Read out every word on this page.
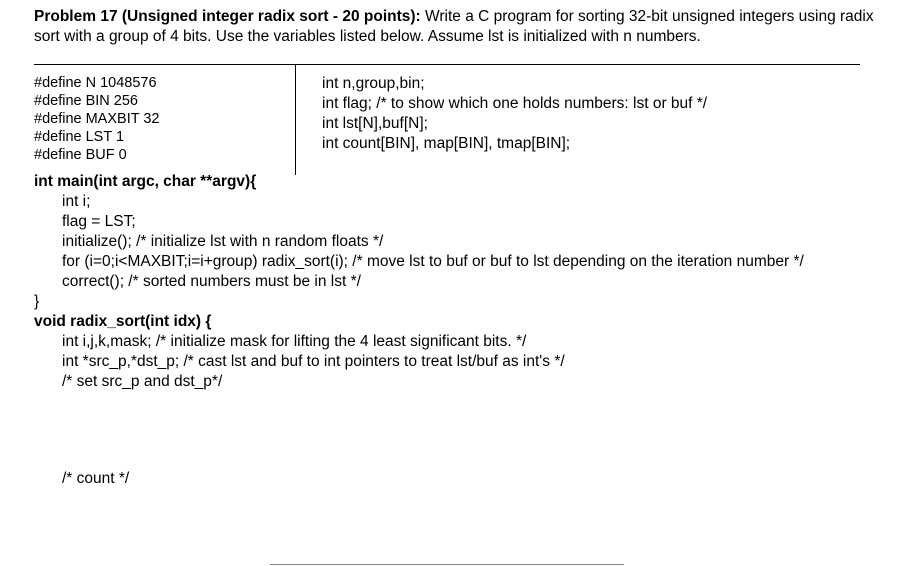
Problem 17 (Unsigned integer radix sort - 20 points): Write a C program for sorting 32-bit unsigned integers using radix sort with a group of 4 bits. Use the variables listed below. Assume lst is initialized with n numbers.
#define N 1048576
#define BIN 256
#define MAXBIT 32
#define LST 1
#define BUF 0
int n,group,bin;
int flag; /* to show which one holds numbers: lst or buf */
int lst[N],buf[N];
int count[BIN], map[BIN], tmap[BIN];
int main(int argc, char **argv){
int i;
flag = LST;
initialize(); /* initialize lst with n random floats */
for (i=0;i<MAXBIT;i=i+group) radix_sort(i); /* move lst to buf or buf to lst depending on the iteration number */
correct(); /* sorted numbers must be in lst */
}
void radix_sort(int idx) {
int i,j,k,mask; /* initialize mask for lifting the 4 least significant bits. */
int *src_p,*dst_p; /* cast lst and buf to int pointers to treat lst/buf as int's */
/* set src_p and dst_p*/
/* count */
